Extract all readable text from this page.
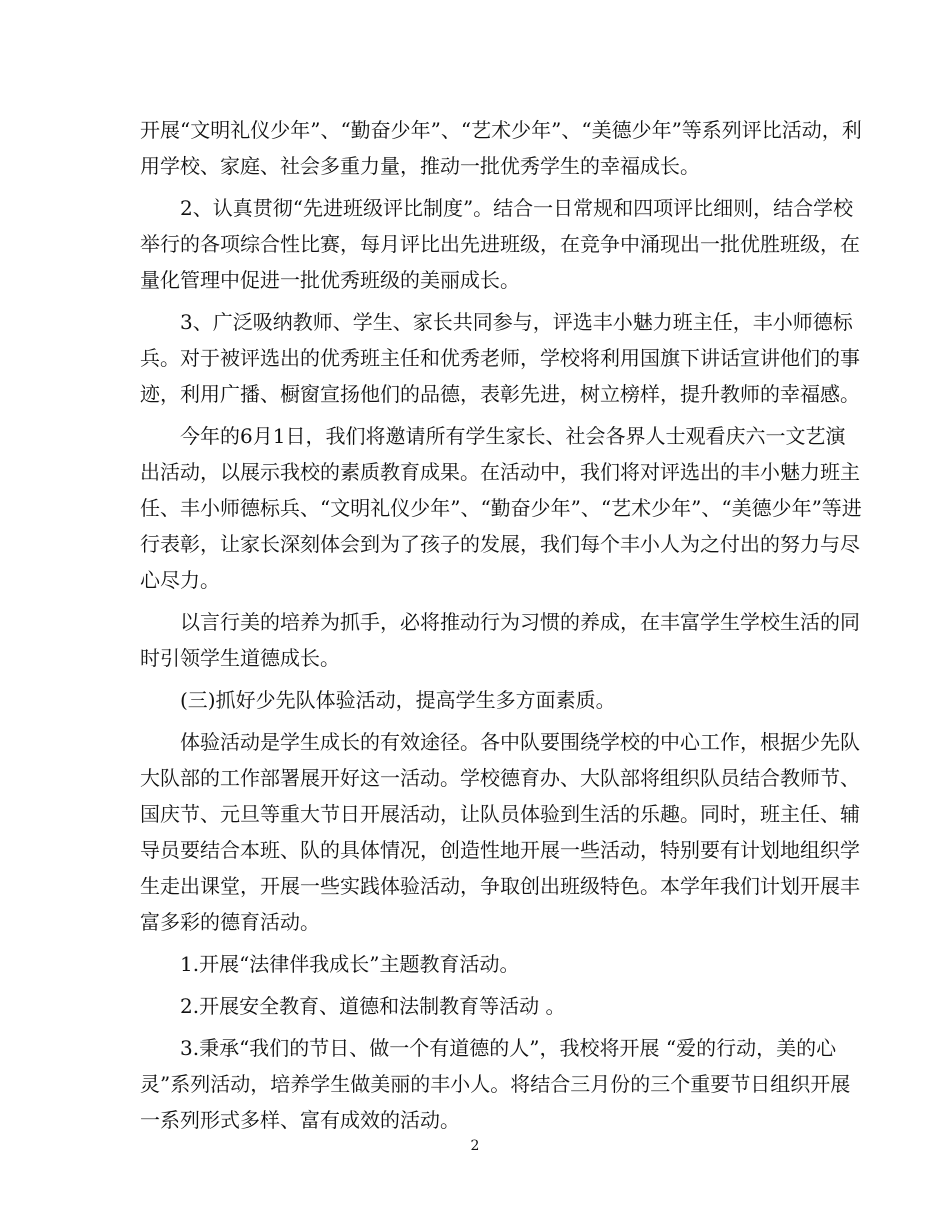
开展“文明礼仪少年”、“勤奋少年”、“艺术少年”、“美德少年”等系列评比活动，利
用学校、家庭、社会多重力量，推动一批优秀学生的幸福成长。
　　2、认真贯彻“先进班级评比制度”。结合一日常规和四项评比细则，结合学校
举行的各项综合性比赛，每月评比出先进班级，在竞争中涌现出一批优胜班级，在
量化管理中促进一批优秀班级的美丽成长。
　　3、广泛吸纳教师、学生、家长共同参与，评选丰小魅力班主任，丰小师德标
兵。对于被评选出的优秀班主任和优秀老师，学校将利用国旗下讲话宣讲他们的事
迹，利用广播、橱窗宣扬他们的品德，表彰先进，树立榜样，提升教师的幸福感。
　　今年的6月1日，我们将邀请所有学生家长、社会各界人士观看庆六一文艺演
出活动，以展示我校的素质教育成果。在活动中，我们将对评选出的丰小魅力班主
任、丰小师德标兵、“文明礼仪少年”、“勤奋少年”、“艺术少年”、“美德少年”等进
行表彰，让家长深刻体会到为了孩子的发展，我们每个丰小人为之付出的努力与尽
心尽力。
　　以言行美的培养为抓手，必将推动行为习惯的养成，在丰富学生学校生活的同
时引领学生道德成长。
　　(三)抓好少先队体验活动，提高学生多方面素质。
　　体验活动是学生成长的有效途径。各中队要围绕学校的中心工作，根据少先队
大队部的工作部署展开好这一活动。学校德育办、大队部将组织队员结合教师节、
国庆节、元旦等重大节日开展活动，让队员体验到生活的乐趣。同时，班主任、辅
导员要结合本班、队的具体情况，创造性地开展一些活动，特别要有计划地组织学
生走出课堂，开展一些实践体验活动，争取创出班级特色。本学年我们计划开展丰
富多彩的德育活动。
　　1.开展“法律伴我成长”主题教育活动。
　　2.开展安全教育、道德和法制教育等活动 。
　　3.秉承“我们的节日、做一个有道德的人”，我校将开展 “爱的行动，美的心
灵”系列活动，培养学生做美丽的丰小人。将结合三月份的三个重要节日组织开展
一系列形式多样、富有成效的活动。
2
